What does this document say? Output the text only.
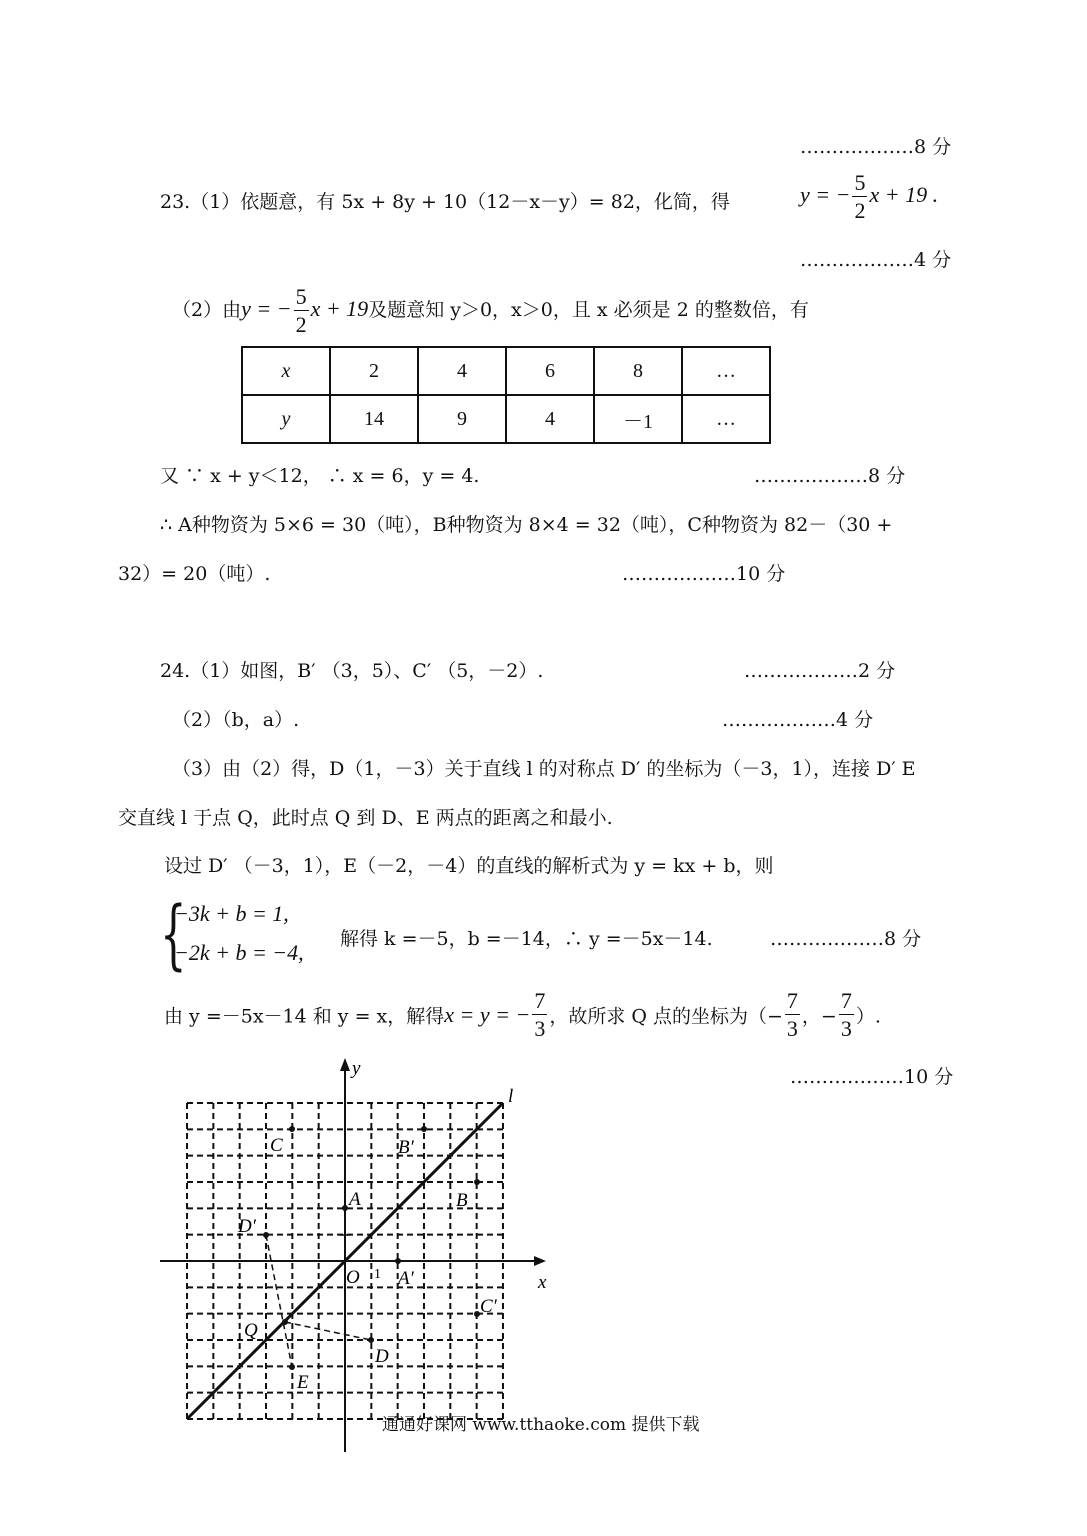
………………8 分
23.（1）依题意，有 5x + 8y + 10（12－x－y）= 82，化简，得	y = − $\frac{5}{2}$ x + 19 .
………………4 分
（2）由y = − $\frac{5}{2}$ x + 19及题意知 y＞0，x＞0，且 x 必须是 2 的整数倍，有
x	2	4	6	8	…
y	14	9	4	－1	…
又 ∵ x + y＜12， ∴ x = 6，y = 4.	………………8 分
∴ A种物资为 5×6 = 30（吨），B种物资为 8×4 = 32（吨），C种物资为 82－（30 +
32）= 20（吨）.	………………10 分
24.（1）如图，B′ （3，5）、C′ （5，－2）.	………………2 分
（2）（b，a）.	………………4 分
（3）由（2）得，D（1，－3）关于直线 l 的对称点 D′ 的坐标为（－3，1），连接 D′ E
交直线 l 于点 Q，此时点 Q 到 D、E 两点的距离之和最小.
设过 D′ （－3，1），E（－2，－4）的直线的解析式为 y = kx + b，则
{
−3k + b = 1,
−2k + b = −4,
解得 k =－5，b =－14，∴ y =－5x－14.	………………8 分
由 y =－5x－14 和 y = x，解得x = y = − $\frac{7}{3}$ ，故所求 Q 点的坐标为（− $\frac{7}{3}$ ，− $\frac{7}{3}$ ）.
………………10 分
y
x
l
O 1
C	B′
B
A
A′
D′
C′
Q
D
E
通通好课网 www.tthaoke.com 提供下载
